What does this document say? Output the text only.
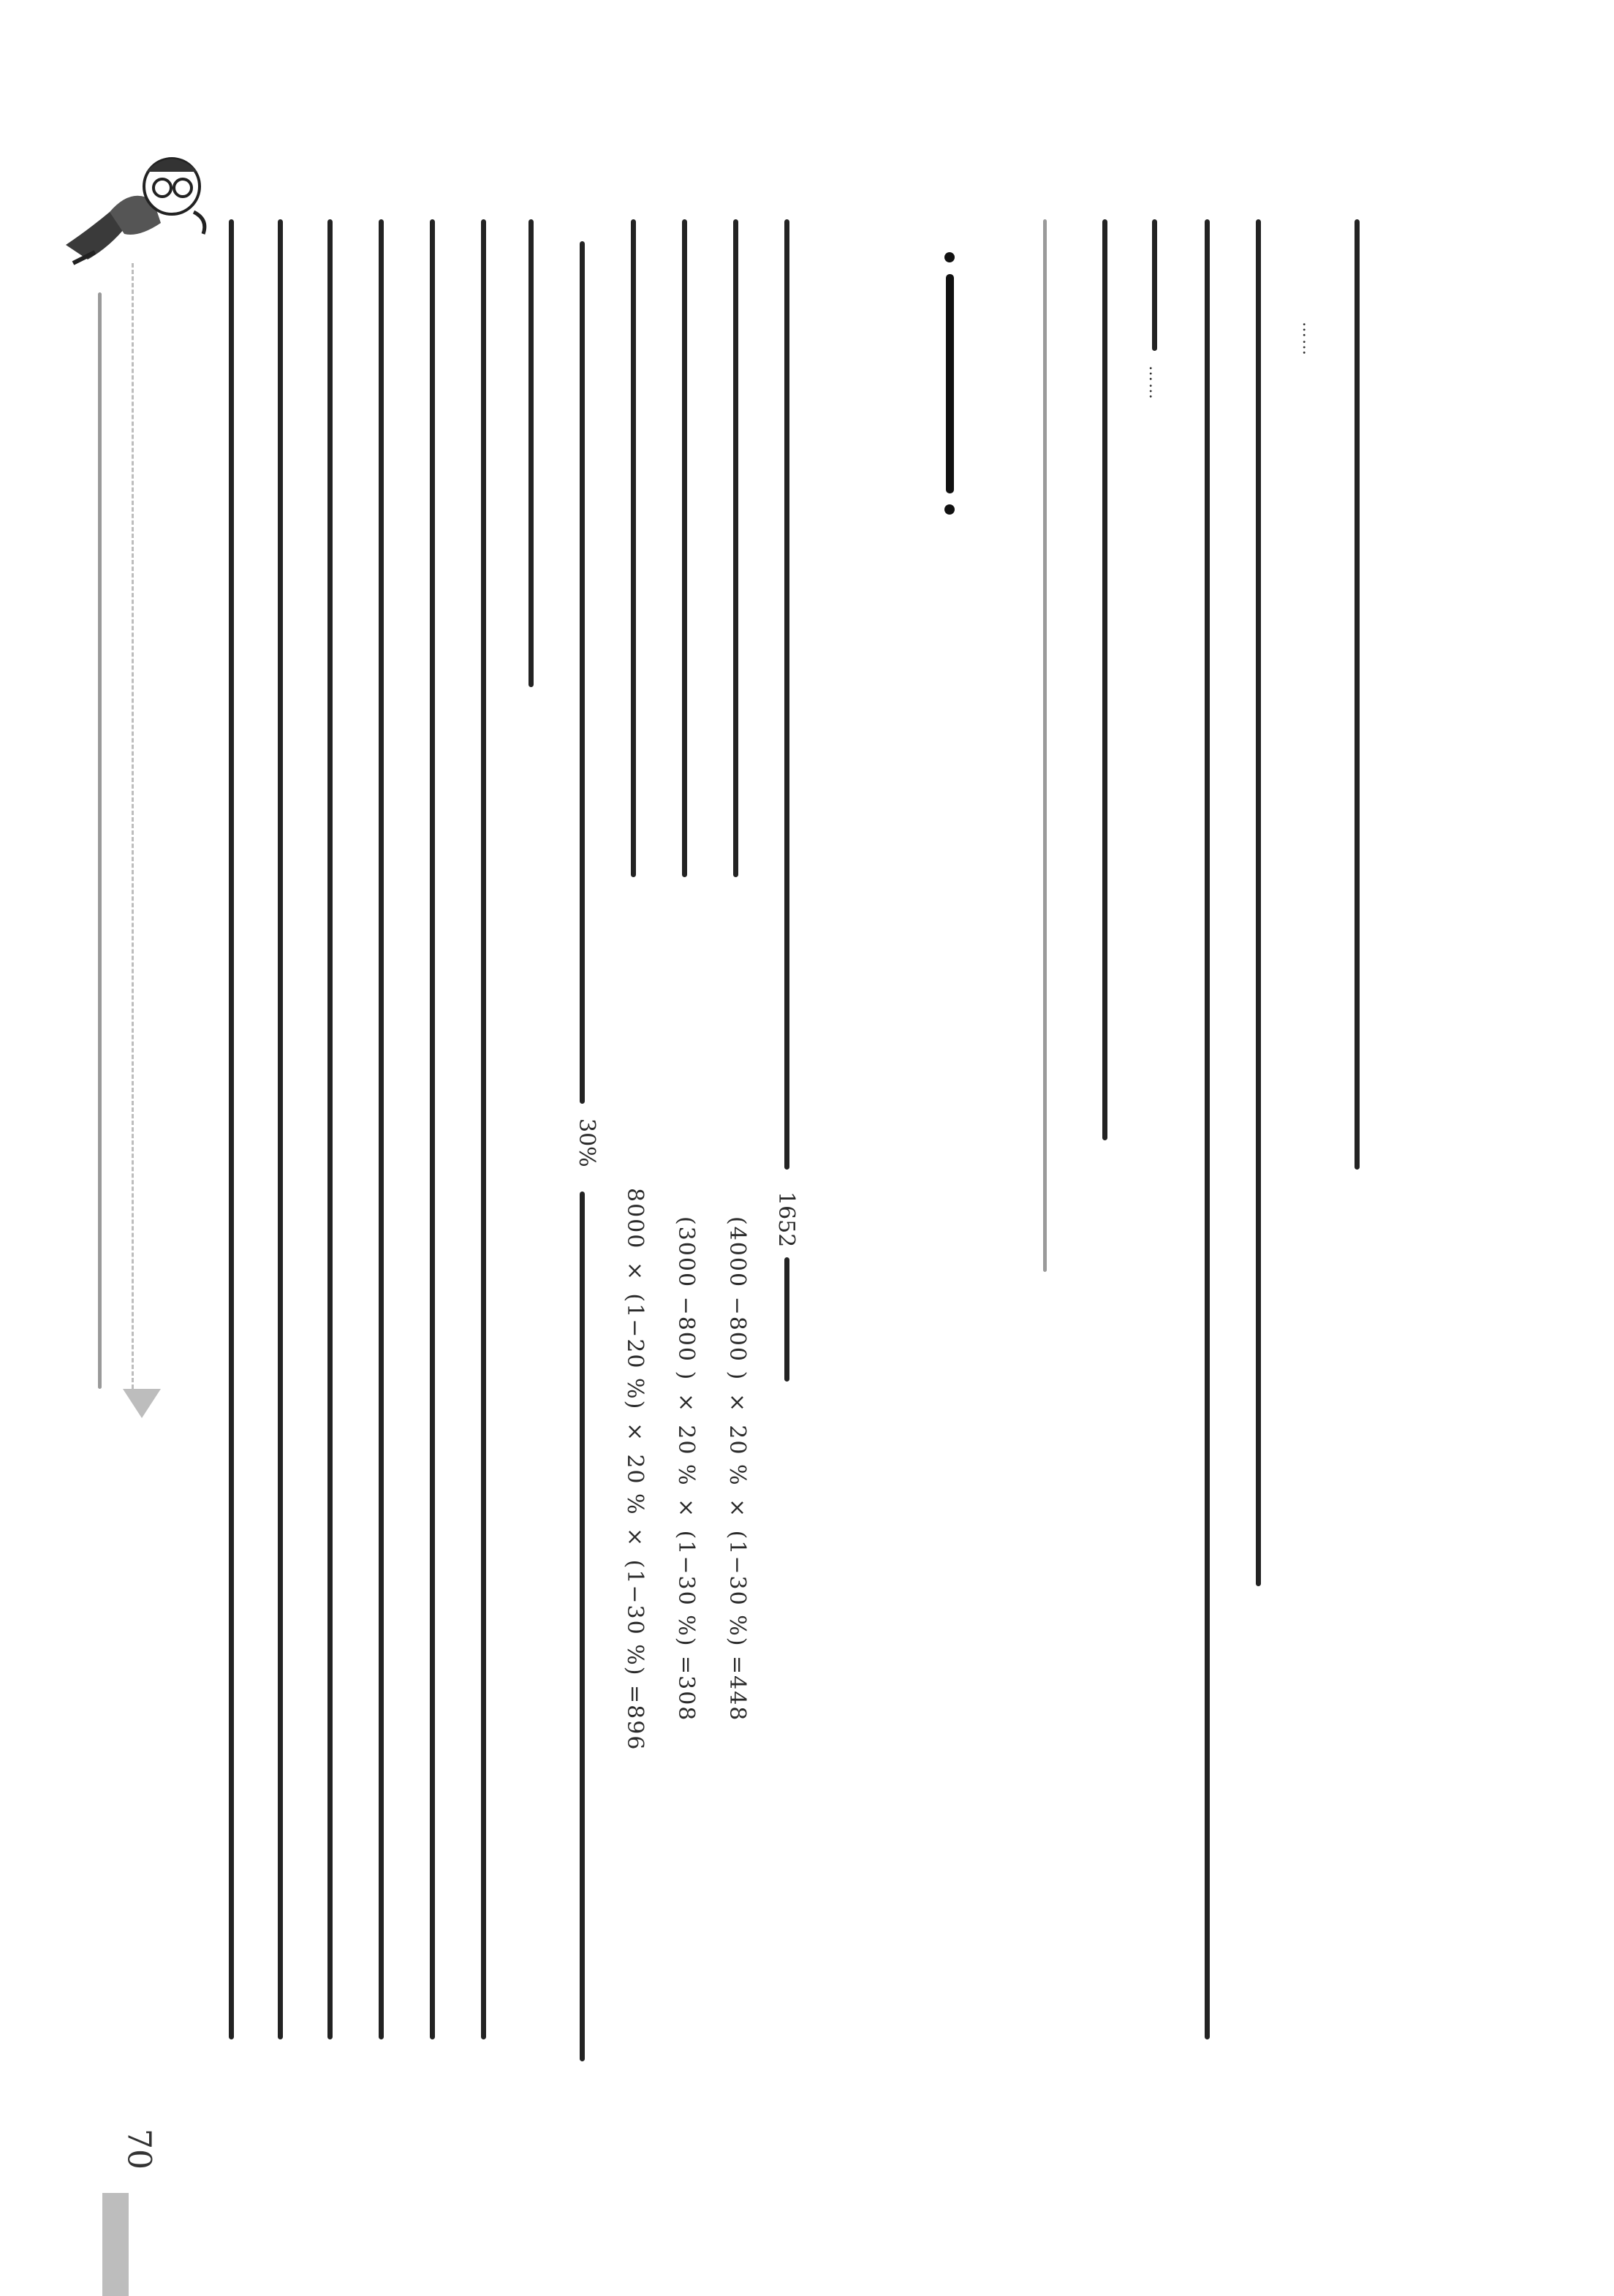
30%
8000 × (1−20 %) × 20 % × (1−30 %) =896 (3000 −800 ) × 20 % × (1−30 %) =308 (4000 −800 ) × 20 % × (1−30 %) =448 1652
……
……
70
